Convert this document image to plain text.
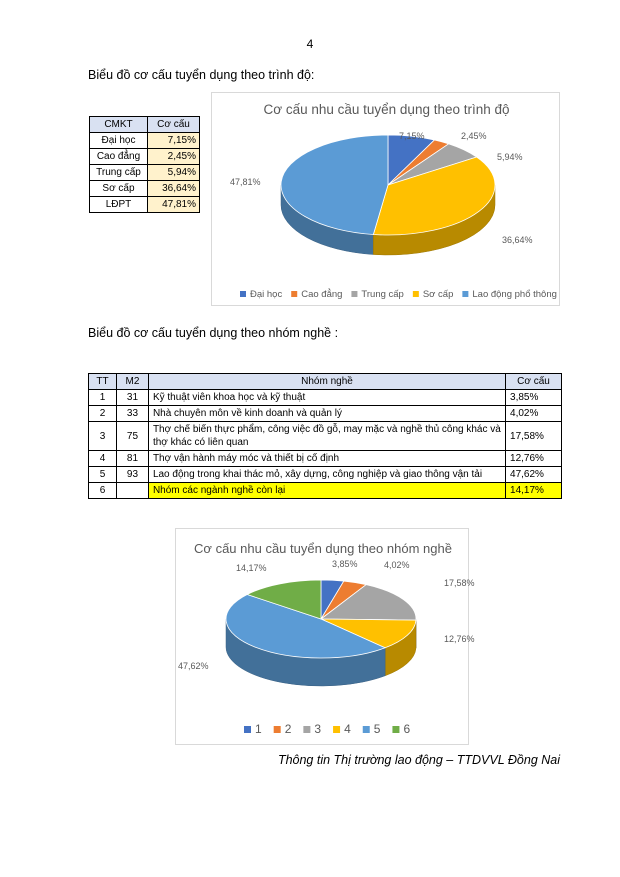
4
Biểu đồ cơ cấu tuyển dụng theo trình độ:
CMKT	Cơ cấu
Đại học	7,15%
Cao đẳng	2,45%
Trung cấp	5,94%
Sơ cấp	36,64%
LĐPT	47,81%
Cơ cấu nhu cầu tuyển dụng theo trình độ
7,15%	2,45%
5,94%
36,64%
47,81%
Đại học Cao đẳng Trung cấp Sơ cấp Lao động phổ thông
Biểu đồ cơ cấu tuyển dụng theo nhóm nghề :
TT	M2	Nhóm nghề	Cơ cấu
1	31	Kỹ thuật viên khoa học và kỹ thuật	3,85%
2	33	Nhà chuyên môn về kinh doanh và quản lý	4,02%
3	75	Thợ chế biến thực phẩm, công việc đồ gỗ, may mặc và nghề thủ công khác và thợ khác có liên quan	17,58%
4	81	Thợ vận hành máy móc và thiết bị cố định	12,76%
5	93	Lao động trong khai thác mỏ, xây dựng, công nghiệp và giao thông vận tải	47,62%
6		Nhóm các ngành nghề còn lại	14,17%
Cơ cấu nhu cầu tuyển dụng theo nhóm nghề
3,85%	4,02%
17,58%
12,76%
47,62%
14,17%
1 2 3 4 5 6
Thông tin Thị trường lao động – TTDVVL Đồng Nai
